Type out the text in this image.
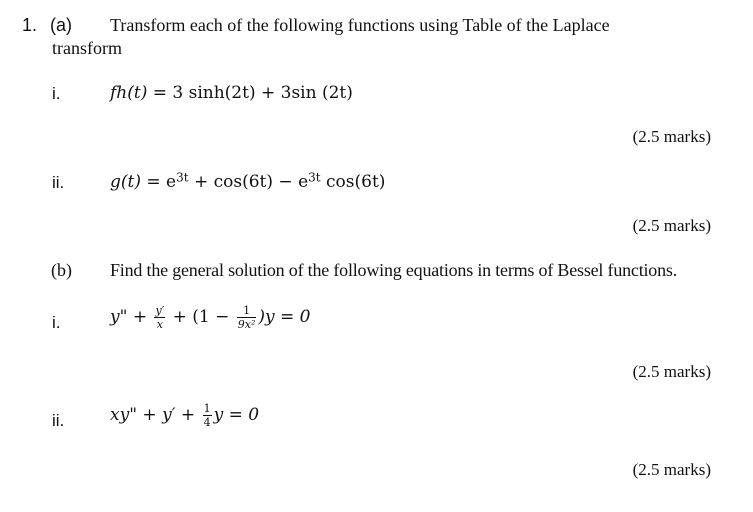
1. (a) Transform each of the following functions using Table of the Laplace
transform
i.	fh(t) = 3 sinh(2t) + 3sin (2t)
(2.5 marks)
ii.	$g(t) = e^{3t} + \cos(6t) - e^{3t}$ cos(6t)
(2.5 marks)
(b) Find the general solution of the following equations in terms of Bessel functions.
i.	y" + $\frac{y'}{x} + (1 - \frac{1}{\text{9x²}} )y = 0$
(2.5 marks)
ii.	xy" + $y' + \frac{1}{4}$ y = 0
(2.5 marks)
